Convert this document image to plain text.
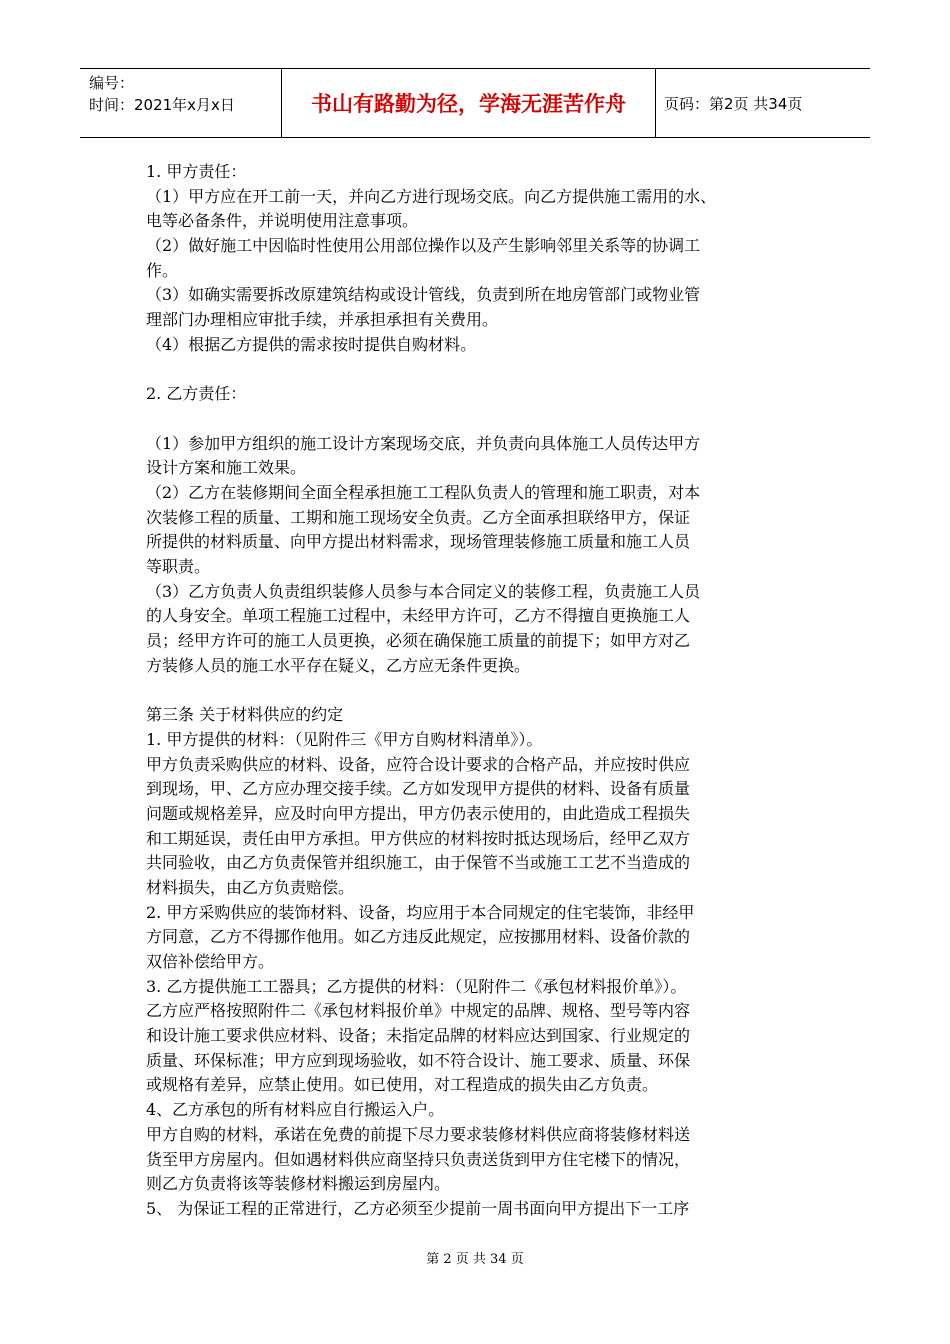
编号：
时间：2021年x月x日	书山有路勤为径，学海无涯苦作舟	页码：第2页 共34页
1. 甲方责任：
（1）甲方应在开工前一天，并向乙方进行现场交底。向乙方提供施工需用的水、
电等必备条件，并说明使用注意事项。
（2）做好施工中因临时性使用公用部位操作以及产生影响邻里关系等的协调工
作。
（3）如确实需要拆改原建筑结构或设计管线，负责到所在地房管部门或物业管
理部门办理相应审批手续，并承担承担有关费用。
（4）根据乙方提供的需求按时提供自购材料。
2. 乙方责任：
（1）参加甲方组织的施工设计方案现场交底，并负责向具体施工人员传达甲方
设计方案和施工效果。
（2）乙方在装修期间全面全程承担施工工程队负责人的管理和施工职责，对本
次装修工程的质量、工期和施工现场安全负责。乙方全面承担联络甲方，保证
所提供的材料质量、向甲方提出材料需求，现场管理装修施工质量和施工人员
等职责。
（3）乙方负责人负责组织装修人员参与本合同定义的装修工程，负责施工人员
的人身安全。单项工程施工过程中，未经甲方许可，乙方不得擅自更换施工人
员；经甲方许可的施工人员更换，必须在确保施工质量的前提下；如甲方对乙
方装修人员的施工水平存在疑义，乙方应无条件更换。
第三条 关于材料供应的约定
1. 甲方提供的材料：（见附件三《甲方自购材料清单》）。
甲方负责采购供应的材料、设备，应符合设计要求的合格产品，并应按时供应
到现场，甲、乙方应办理交接手续。乙方如发现甲方提供的材料、设备有质量
问题或规格差异，应及时向甲方提出，甲方仍表示使用的，由此造成工程损失
和工期延误，责任由甲方承担。甲方供应的材料按时抵达现场后，经甲乙双方
共同验收，由乙方负责保管并组织施工，由于保管不当或施工工艺不当造成的
材料损失，由乙方负责赔偿。
2. 甲方采购供应的装饰材料、设备，均应用于本合同规定的住宅装饰，非经甲
方同意，乙方不得挪作他用。如乙方违反此规定，应按挪用材料、设备价款的
双倍补偿给甲方。
3. 乙方提供施工工器具；乙方提供的材料：（见附件二《承包材料报价单》）。
乙方应严格按照附件二《承包材料报价单》中规定的品牌、规格、型号等内容
和设计施工要求供应材料、设备；未指定品牌的材料应达到国家、行业规定的
质量、环保标准；甲方应到现场验收，如不符合设计、施工要求、质量、环保
或规格有差异，应禁止使用。如已使用，对工程造成的损失由乙方负责。
4、乙方承包的所有材料应自行搬运入户。
甲方自购的材料，承诺在免费的前提下尽力要求装修材料供应商将装修材料送
货至甲方房屋内。但如遇材料供应商坚持只负责送货到甲方住宅楼下的情况，
则乙方负责将该等装修材料搬运到房屋内。
5、 为保证工程的正常进行，乙方必须至少提前一周书面向甲方提出下一工序
第 2 页 共 34 页
